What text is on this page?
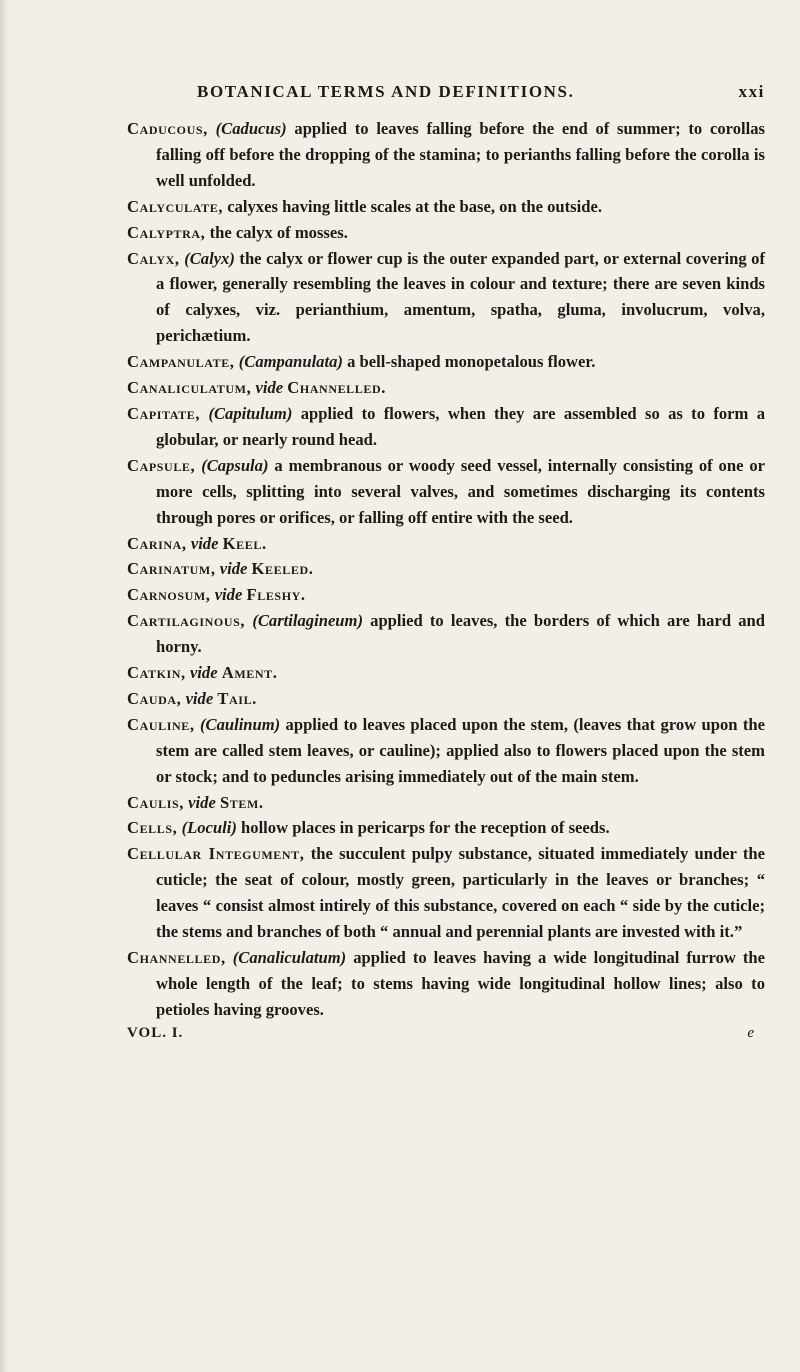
BOTANICAL TERMS AND DEFINITIONS.	xxi
Caducous, (Caducus) applied to leaves falling before the end of summer; to corollas falling off before the dropping of the stamina; to perianths falling before the corolla is well unfolded.
Calyculate, calyxes having little scales at the base, on the outside.
Calyptra, the calyx of mosses.
Calyx, (Calyx) the calyx or flower cup is the outer expanded part, or external covering of a flower, generally resembling the leaves in colour and texture; there are seven kinds of calyxes, viz. perianthium, amentum, spatha, gluma, involucrum, volva, perichætium.
Campanulate, (Campanulata) a bell-shaped monopetalous flower.
Canaliculatum, vide Channelled.
Capitate, (Capitulum) applied to flowers, when they are assembled so as to form a globular, or nearly round head.
Capsule, (Capsula) a membranous or woody seed vessel, internally consisting of one or more cells, splitting into several valves, and sometimes discharging its contents through pores or orifices, or falling off entire with the seed.
Carina, vide Keel.
Carinatum, vide Keeled.
Carnosum, vide Fleshy.
Cartilaginous, (Cartilagineum) applied to leaves, the borders of which are hard and horny.
Catkin, vide Ament.
Cauda, vide Tail.
Cauline, (Caulinum) applied to leaves placed upon the stem, (leaves that grow upon the stem are called stem leaves, or cauline); applied also to flowers placed upon the stem or stock; and to peduncles arising immediately out of the main stem.
Caulis, vide Stem.
Cells, (Loculi) hollow places in pericarps for the reception of seeds.
Cellular Integument, the succulent pulpy substance, situated immediately under the cuticle; the seat of colour, mostly green, particularly in the leaves or branches; “ leaves “ consist almost intirely of this substance, covered on each “ side by the cuticle; the stems and branches of both “ annual and perennial plants are invested with it.”
Channelled, (Canaliculatum) applied to leaves having a wide longitudinal furrow the whole length of the leaf; to stems having wide longitudinal hollow lines; also to petioles having grooves.
VOL. I.	e
